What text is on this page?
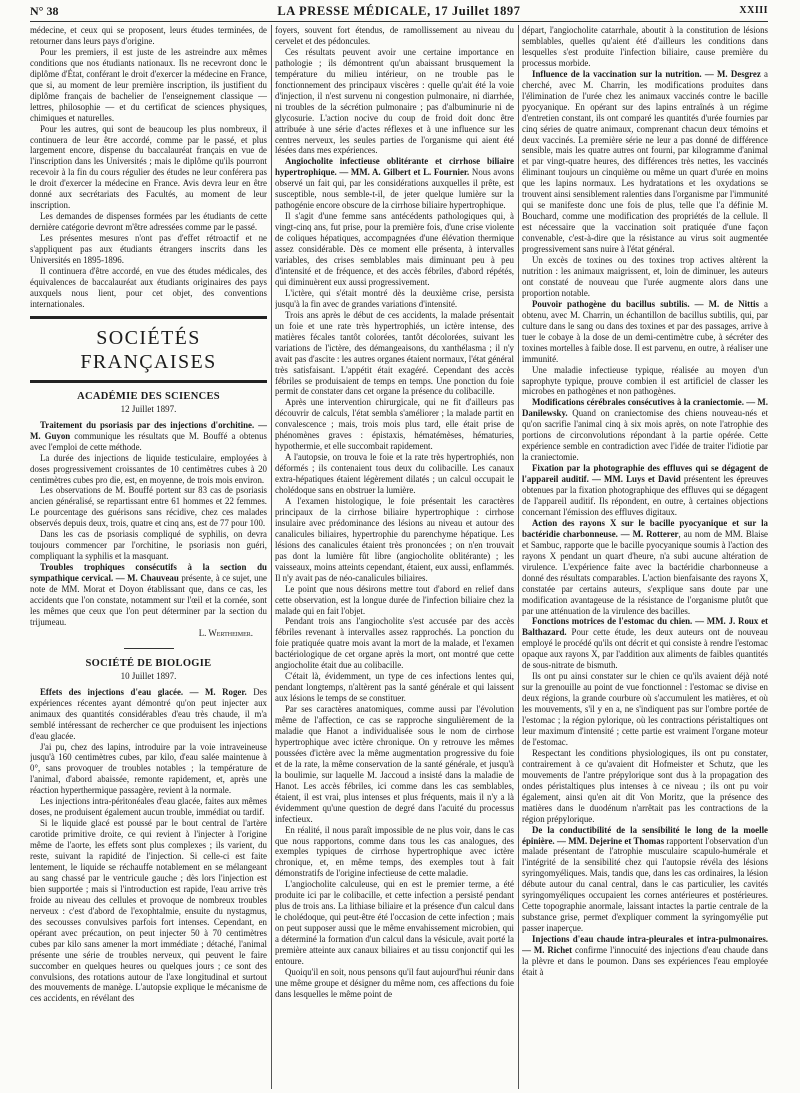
N° 38	LA PRESSE MÉDICALE, 17 Juillet 1897	XXIII

médecine, et ceux qui se proposent, leurs études terminées, de retourner dans leurs pays d'origine.

Pour les premiers, il est juste de les astreindre aux mêmes conditions que nos étudiants nationaux. Ils ne recevront donc le diplôme d'État, conférant le droit d'exercer la médecine en France, que si, au moment de leur première inscription, ils justifient du diplôme français de bachelier de l'enseignement classique — lettres, philosophie — et du certificat de sciences physiques, chimiques et naturelles.

Pour les autres, qui sont de beaucoup les plus nombreux, il continuera de leur être accordé, comme par le passé, et plus largement encore, dispense du baccalauréat français en vue de l'inscription dans les Universités ; mais le diplôme qu'ils pourront recevoir à la fin du cours régulier des études ne leur conférera pas le droit d'exercer la médecine en France. Avis devra leur en être donné aux secrétariats des Facultés, au moment de leur inscription.

Les demandes de dispenses formées par les étudiants de cette dernière catégorie devront m'être adressées comme par le passé.

Les présentes mesures n'ont pas d'effet rétroactif et ne s'appliquent pas aux étudiants étrangers inscrits dans les Universités en 1895-1896.

Il continuera d'être accordé, en vue des études médicales, des équivalences de baccalauréat aux étudiants originaires des pays auxquels nous lient, pour cet objet, des conventions internationales.

SOCIÉTÉS FRANÇAISES
ACADÉMIE DES SCIENCES
12 Juillet 1897.

Traitement du psoriasis par des injections d'orchitine. — M. Guyon communique les résultats que M. Bouffé a obtenus avec l'emploi de cette méthode.

La durée des injections de liquide testiculaire, employées à doses progressivement croissantes de 10 centimètres cubes à 20 centimètres cubes pro die, est, en moyenne, de trois mois environ.

Les observations de M. Bouffé portent sur 83 cas de psoriasis ancien généralisé, se repartissant entre 61 hommes et 22 femmes. Le pourcentage des guérisons sans récidive, chez ces malades observés depuis deux, trois, quatre et cinq ans, est de 77 pour 100.

Dans les cas de psoriasis compliqué de syphilis, on devra toujours commencer par l'orchitine, le psoriasis non guéri, compliquant la syphilis et la masquant.

Troubles trophiques consécutifs à la section du sympathique cervical. — M. Chauveau présente, à ce sujet, une note de MM. Morat et Doyon établissant que, dans ce cas, les accidents que l'on constate, notamment sur l'œil et la cornée, sont les mêmes que ceux que l'on peut déterminer par la section du trijumeau.

L. Wertheimer.
SOCIÉTÉ DE BIOLOGIE
10 Juillet 1897.

Effets des injections d'eau glacée. — M. Roger. Des expériences récentes ayant démontré qu'on peut injecter aux animaux des quantités considérables d'eau très chaude, il m'a semblé intéressant de rechercher ce que produisent les injections d'eau glacée.

J'ai pu, chez des lapins, introduire par la voie intraveineuse jusqu'à 160 centimètres cubes, par kilo, d'eau salée maintenue à 0°, sans provoquer de troubles notables ; la température de l'animal, d'abord abaissée, remonte rapidement, et, après une réaction hyperthermique passagère, revient à la normale.

Les injections intra-péritonéales d'eau glacée, faites aux mêmes doses, ne produisent également aucun trouble, immédiat ou tardif.

Si le liquide glacé est poussé par le bout central de l'artère carotide primitive droite, ce qui revient à l'injecter à l'origine même de l'aorte, les effets sont plus complexes ; ils varient, du reste, suivant la rapidité de l'injection. Si celle-ci est faite lentement, le liquide se réchauffe notablement en se mélangeant au sang chassé par le ventricule gauche ; dès lors l'injection est bien supportée ; mais si l'introduction est rapide, l'eau arrive très froide au niveau des cellules et provoque de nombreux troubles nerveux : c'est d'abord de l'exophtalmie, ensuite du nystagmus, des secousses convulsives parfois fort intenses. Cependant, en opérant avec précaution, on peut injecter 50 à 70 centimètres cubes par kilo sans amener la mort immédiate ; détaché, l'animal présente une série de troubles nerveux, qui peuvent le faire succomber en quelques heures ou quelques jours ; ce sont des convulsions, des rotations autour de l'axe longitudinal et surtout des mouvements de manège. L'autopsie explique le mécanisme de ces accidents, en révélant des

foyers, souvent fort étendus, de ramollissement au niveau du cervelet et des pédoncules.

Ces résultats peuvent avoir une certaine importance en pathologie ; ils démontrent qu'un abaissant brusquement la température du milieu intérieur, on ne trouble pas le fonctionnement des principaux viscères : quelle qu'ait été la voie d'injection, il n'est survenu ni congestion pulmonaire, ni diarrhée, ni troubles de la sécrétion pulmonaire ; pas d'albuminurie ni de glycosurie. L'action nocive du coup de froid doit donc être attribuée à une série d'actes réflexes et à une influence sur les centres nerveux, les seules parties de l'organisme qui aient été lésées dans mes expériences.

Angiocholite infectieuse oblitérante et cirrhose biliaire hypertrophique. — MM. A. Gilbert et L. Fournier. Nous avons observé un fait qui, par les considérations auxquelles il prête, est susceptible, nous semble-t-il, de jeter quelque lumière sur la pathogénie encore obscure de la cirrhose biliaire hypertrophique.

Il s'agit d'une femme sans antécédents pathologiques qui, à vingt-cinq ans, fut prise, pour la première fois, d'une crise violente de coliques hépatiques, accompagnées d'une élévation thermique assez considérable. Dès ce moment elle présenta, à intervalles variables, des crises semblables mais diminuant peu à peu d'intensité et de fréquence, et des accès fébriles, d'abord répétés, qui diminuèrent eux aussi progressivement.

L'ictère, qui s'était montré dès la deuxième crise, persista jusqu'à la fin avec de grandes variations d'intensité.

Trois ans après le début de ces accidents, la malade présentait un foie et une rate très hypertrophiés, un ictère intense, des matières fécales tantôt colorées, tantôt décolorées, suivant les variations de l'ictère, des démangeaisons, du xanthélasma ; il n'y avait pas d'ascite : les autres organes étaient normaux, l'état général très satisfaisant. L'appétit était exagéré. Cependant des accès fébriles se produisaient de temps en temps. Une ponction du foie permit de constater dans cet organe la présence du colibacille.

Après une intervention chirurgicale, qui ne fit d'ailleurs pas découvrir de calculs, l'état sembla s'améliorer ; la malade partit en convalescence ; mais, trois mois plus tard, elle était prise de phénomènes graves : épistaxis, hématémèses, hématuries, hypothermie, et elle succombait rapidement.

A l'autopsie, on trouva le foie et la rate très hypertrophiés, non déformés ; ils contenaient tous deux du colibacille. Les canaux extra-hépatiques étaient légèrement dilatés ; un calcul occupait le cholédoque sans en obstruer la lumière.

A l'examen histologique, le foie présentait les caractères principaux de la cirrhose biliaire hypertrophique : cirrhose insulaire avec prédominance des lésions au niveau et autour des canalicules biliaires, hypertrophie du parenchyme hépatique. Les lésions des canalicules étaient très prononcées ; on n'en trouvait pas dont la lumière fût libre (angiocholite oblitérante) ; les vaisseaux, moins atteints cependant, étaient, eux aussi, enflammés. Il n'y avait pas de néo-canalicules biliaires.

Le point que nous désirons mettre tout d'abord en relief dans cette observation, est la longue durée de l'infection biliaire chez la malade qui en fait l'objet.

Pendant trois ans l'angiocholite s'est accusée par des accès fébriles revenant à intervalles assez rapprochés. La ponction du foie pratiquée quatre mois avant la mort de la malade, et l'examen bactériologique de cet organe après la mort, ont montré que cette angiocholite était due au colibacille.

C'était là, évidemment, un type de ces infections lentes qui, pendant longtemps, n'altèrent pas la santé générale et qui laissent aux lésions le temps de se constituer.

Par ses caractères anatomiques, comme aussi par l'évolution même de l'affection, ce cas se rapproche singulièrement de la maladie que Hanot a individualisée sous le nom de cirrhose hypertrophique avec ictère chronique. On y retrouve les mêmes poussées d'ictère avec la même augmentation progressive du foie et de la rate, la même conservation de la santé générale, et jusqu'à la boulimie, sur laquelle M. Jaccoud a insisté dans la maladie de Hanot. Les accès fébriles, ici comme dans les cas semblables, étaient, il est vrai, plus intenses et plus fréquents, mais il n'y a là évidemment qu'une question de degré dans l'acuité du processus infectieux.

En réalité, il nous paraît impossible de ne plus voir, dans le cas que nous rapportons, comme dans tous les cas analogues, des exemples typiques de cirrhose hypertrophique avec ictère chronique, et, en même temps, des exemples tout à fait démonstratifs de l'origine infectieuse de cette maladie.

L'angiocholite calculeuse, qui en est le premier terme, a été produite ici par le colibacille, et cette infection a persisté pendant plus de trois ans. La lithiase biliaire et la présence d'un calcul dans le cholédoque, qui peut-être été l'occasion de cette infection ; mais on peut supposer aussi que le même envahissement microbien, qui a déterminé la formation d'un calcul dans la vésicule, avait porté la première atteinte aux canaux biliaires et au tissu conjonctif qui les entoure.

Quoiqu'il en soit, nous pensons qu'il faut aujourd'hui réunir dans une même groupe et désigner du même nom, ces affections du foie dans lesquelles le même point de

départ, l'angiocholite catarrhale, aboutit à la constitution de lésions semblables, quelles qu'aient été d'ailleurs les conditions dans lesquelles s'est produite l'infection biliaire, cause première du processus morbide.

Influence de la vaccination sur la nutrition. — M. Desgrez a cherché, avec M. Charrin, les modifications produites dans l'élimination de l'urée chez les animaux vaccinés contre le bacille pyocyanique. En opérant sur des lapins entraînés à un régime d'entretien constant, ils ont comparé les quantités d'urée fournies par cinq séries de quatre animaux, comprenant chacun deux témoins et deux vaccinés. La première série ne leur a pas donné de différence sensible, mais les quatre autres ont fourni, par kilogramme d'animal et par vingt-quatre heures, des différences très nettes, les vaccinés éliminant toujours un cinquième ou même un quart d'urée en moins que les lapins normaux. Les hydratations et les oxydations se trouvent ainsi sensiblement ralenties dans l'organisme par l'immunité qui se manifeste donc une fois de plus, telle que l'a définie M. Bouchard, comme une modification des propriétés de la cellule. Il est nécessaire que la vaccination soit pratiquée d'une façon convenable, c'est-à-dire que la résistance au virus soit augmentée progressivement sans nuire à l'état général.

Un excès de toxines ou des toxines trop actives altèrent la nutrition : les animaux maigrissent, et, loin de diminuer, les auteurs ont constaté de nouveau que l'urée augmente alors dans une proportion notable.

Pouvoir pathogène du bacillus subtilis. — M. de Nittis a obtenu, avec M. Charrin, un échantillon de bacillus subtilis, qui, par culture dans le sang ou dans des toxines et par des passages, arrive à tuer le cobaye à la dose de un demi-centimètre cube, à sécréter des toxines mortelles à faible dose. Il est parvenu, en outre, à réaliser une immunité.

Une maladie infectieuse typique, réalisée au moyen d'un saprophyte typique, prouve combien il est artificiel de classer les microbes en pathogènes et non pathogènes.

Modifications cérébrales consécutives à la craniectomie. — M. Danilewsky. Quand on craniectomise des chiens nouveau-nés et qu'on sacrifie l'animal cinq à six mois après, on note l'atrophie des portions de circonvolutions répondant à la partie opérée. Cette expérience semble en contradiction avec l'idée de traiter l'idiotie par la craniectomie.

Fixation par la photographie des effluves qui se dégagent de l'appareil auditif. — MM. Luys et David présentent les épreuves obtenues par la fixation photographique des effluves qui se dégagent de l'appareil auditif. Ils répondent, en outre, à certaines objections concernant l'émission des effluves digitaux.

Action des rayons X sur le bacille pyocyanique et sur la bactéridie charbonneuse. — M. Rotterer, au nom de MM. Blaise et Sambuc, rapporte que le bacille pyocyanique soumis à l'action des rayons X pendant un quart d'heure, n'a subi aucune altération de virulence. L'expérience faite avec la bactéridie charbonneuse a donné des résultats comparables. L'action bienfaisante des rayons X, constatée par certains auteurs, s'explique sans doute par une modification avantageuse de la résistance de l'organisme plutôt que par une atténuation de la virulence des bacilles.

Fonctions motrices de l'estomac du chien. — MM. J. Roux et Balthazard. Pour cette étude, les deux auteurs ont de nouveau employé le procédé qu'ils ont décrit et qui consiste à rendre l'estomac opaque aux rayons X, par l'addition aux aliments de faibles quantités de sous-nitrate de bismuth.

Ils ont pu ainsi constater sur le chien ce qu'ils avaient déjà noté sur la grenouille au point de vue fonctionnel : l'estomac se divise en deux régions, la grande courbure où s'accumulent les matières, et où les mouvements, s'il y en a, ne s'indiquent pas sur l'ombre portée de l'estomac ; la région pylorique, où les contractions péristaltiques ont leur maximum d'intensité ; cette partie est vraiment l'organe moteur de l'estomac.

Respectant les conditions physiologiques, ils ont pu constater, contrairement à ce qu'avaient dit Hofmeister et Schutz, que les mouvements de l'antre prépylorique sont dus à la propagation des ondes péristaltiques plus intenses à ce niveau ; ils ont pu voir également, ainsi qu'en ait dit Von Moritz, que la présence des matières dans le duodénum n'arrêtait pas les contractions de la région prépylorique.

De la conductibilité de la sensibilité le long de la moelle épinière. — MM. Dejerine et Thomas rapportent l'observation d'un malade présentant de l'atrophie musculaire scapulo-humérale et l'intégrité de la sensibilité chez qui l'autopsie révéla des lésions syringomyéliques. Mais, tandis que, dans les cas ordinaires, la lésion débute autour du canal central, dans le cas particulier, les cavités syringomyéliques occupaient les cornes antérieures et postérieures. Cette topographie anormale, laissant intactes la partie centrale de la substance grise, permet d'expliquer comment la syringomyélie put passer inaperçue.

Injections d'eau chaude intra-pleurales et intra-pulmonaires. — M. Richet confirme l'innocuité des injections d'eau chaude dans la plèvre et dans le poumon. Dans ses expériences l'eau employée était à
